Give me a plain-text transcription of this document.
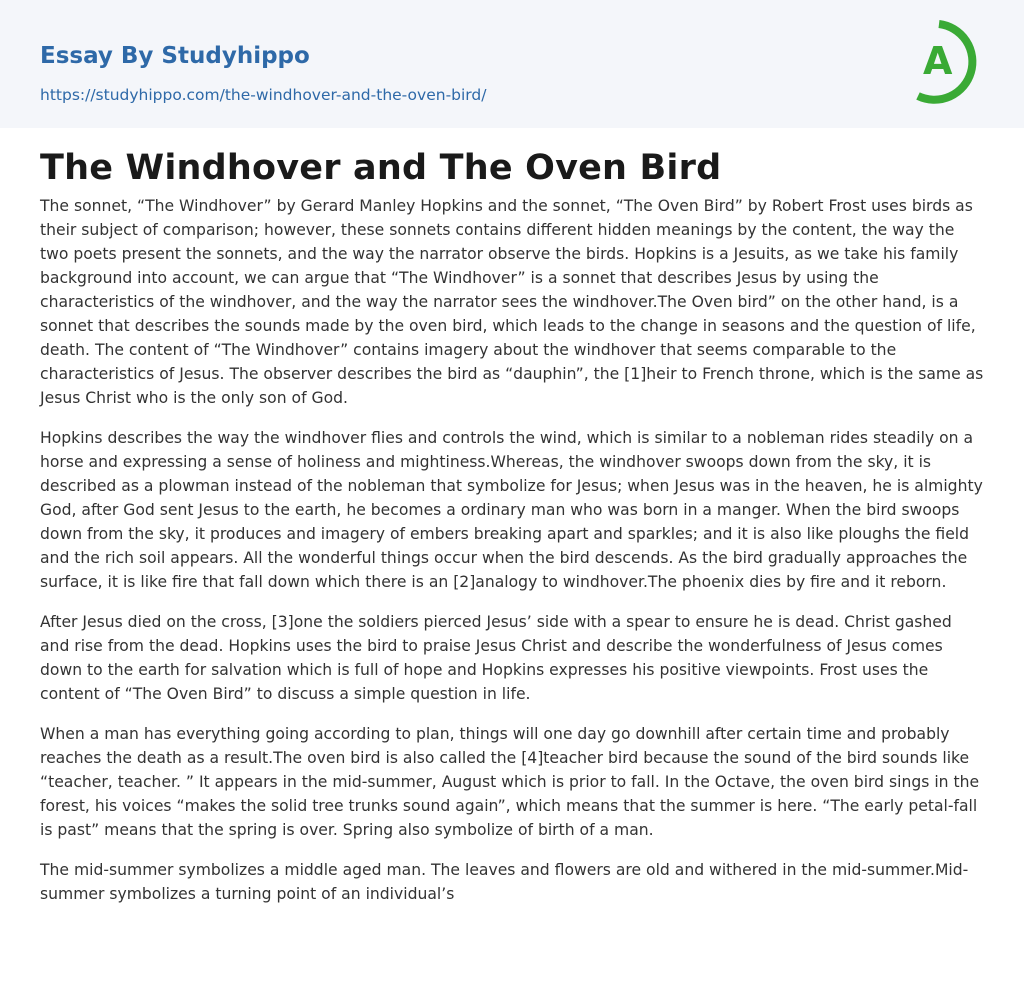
Essay By Studyhippo
https://studyhippo.com/the-windhover-and-the-oven-bird/
A
The Windhover and The Oven Bird

The sonnet, “The Windhover” by Gerard Manley Hopkins and the sonnet, “The Oven Bird” by Robert Frost uses birds as their subject of comparison; however, these sonnets contains different hidden meanings by the content, the way the two poets present the sonnets, and the way the narrator observe the birds. Hopkins is a Jesuits, as we take his family background into account, we can argue that “The Windhover” is a sonnet that describes Jesus by using the characteristics of the windhover, and the way the narrator sees the windhover.The Oven bird” on the other hand, is a sonnet that describes the sounds made by the oven bird, which leads to the change in seasons and the question of life, death. The content of “The Windhover” contains imagery about the windhover that seems comparable to the characteristics of Jesus. The observer describes the bird as “dauphin”, the [1]heir to French throne, which is the same as Jesus Christ who is the only son of God.

Hopkins describes the way the windhover flies and controls the wind, which is similar to a nobleman rides steadily on a horse and expressing a sense of holiness and mightiness.Whereas, the windhover swoops down from the sky, it is described as a plowman instead of the nobleman that symbolize for Jesus; when Jesus was in the heaven, he is almighty God, after God sent Jesus to the earth, he becomes a ordinary man who was born in a manger. When the bird swoops down from the sky, it produces and imagery of embers breaking apart and sparkles; and it is also like ploughs the field and the rich soil appears. All the wonderful things occur when the bird descends. As the bird gradually approaches the surface, it is like fire that fall down which there is an [2]analogy to windhover.The phoenix dies by fire and it reborn.

After Jesus died on the cross, [3]one the soldiers pierced Jesus’ side with a spear to ensure he is dead. Christ gashed and rise from the dead. Hopkins uses the bird to praise Jesus Christ and describe the wonderfulness of Jesus comes down to the earth for salvation which is full of hope and Hopkins expresses his positive viewpoints. Frost uses the content of “The Oven Bird” to discuss a simple question in life.

When a man has everything going according to plan, things will one day go downhill after certain time and probably reaches the death as a result.The oven bird is also called the [4]teacher bird because the sound of the bird sounds like “teacher, teacher. ” It appears in the mid-summer, August which is prior to fall. In the Octave, the oven bird sings in the forest, his voices “makes the solid tree trunks sound again”, which means that the summer is here. “The early petal-fall is past” means that the spring is over. Spring also symbolize of birth of a man.

The mid-summer symbolizes a middle aged man. The leaves and flowers are old and withered in the mid-summer.Mid-summer symbolizes a turning point of an individual’s
